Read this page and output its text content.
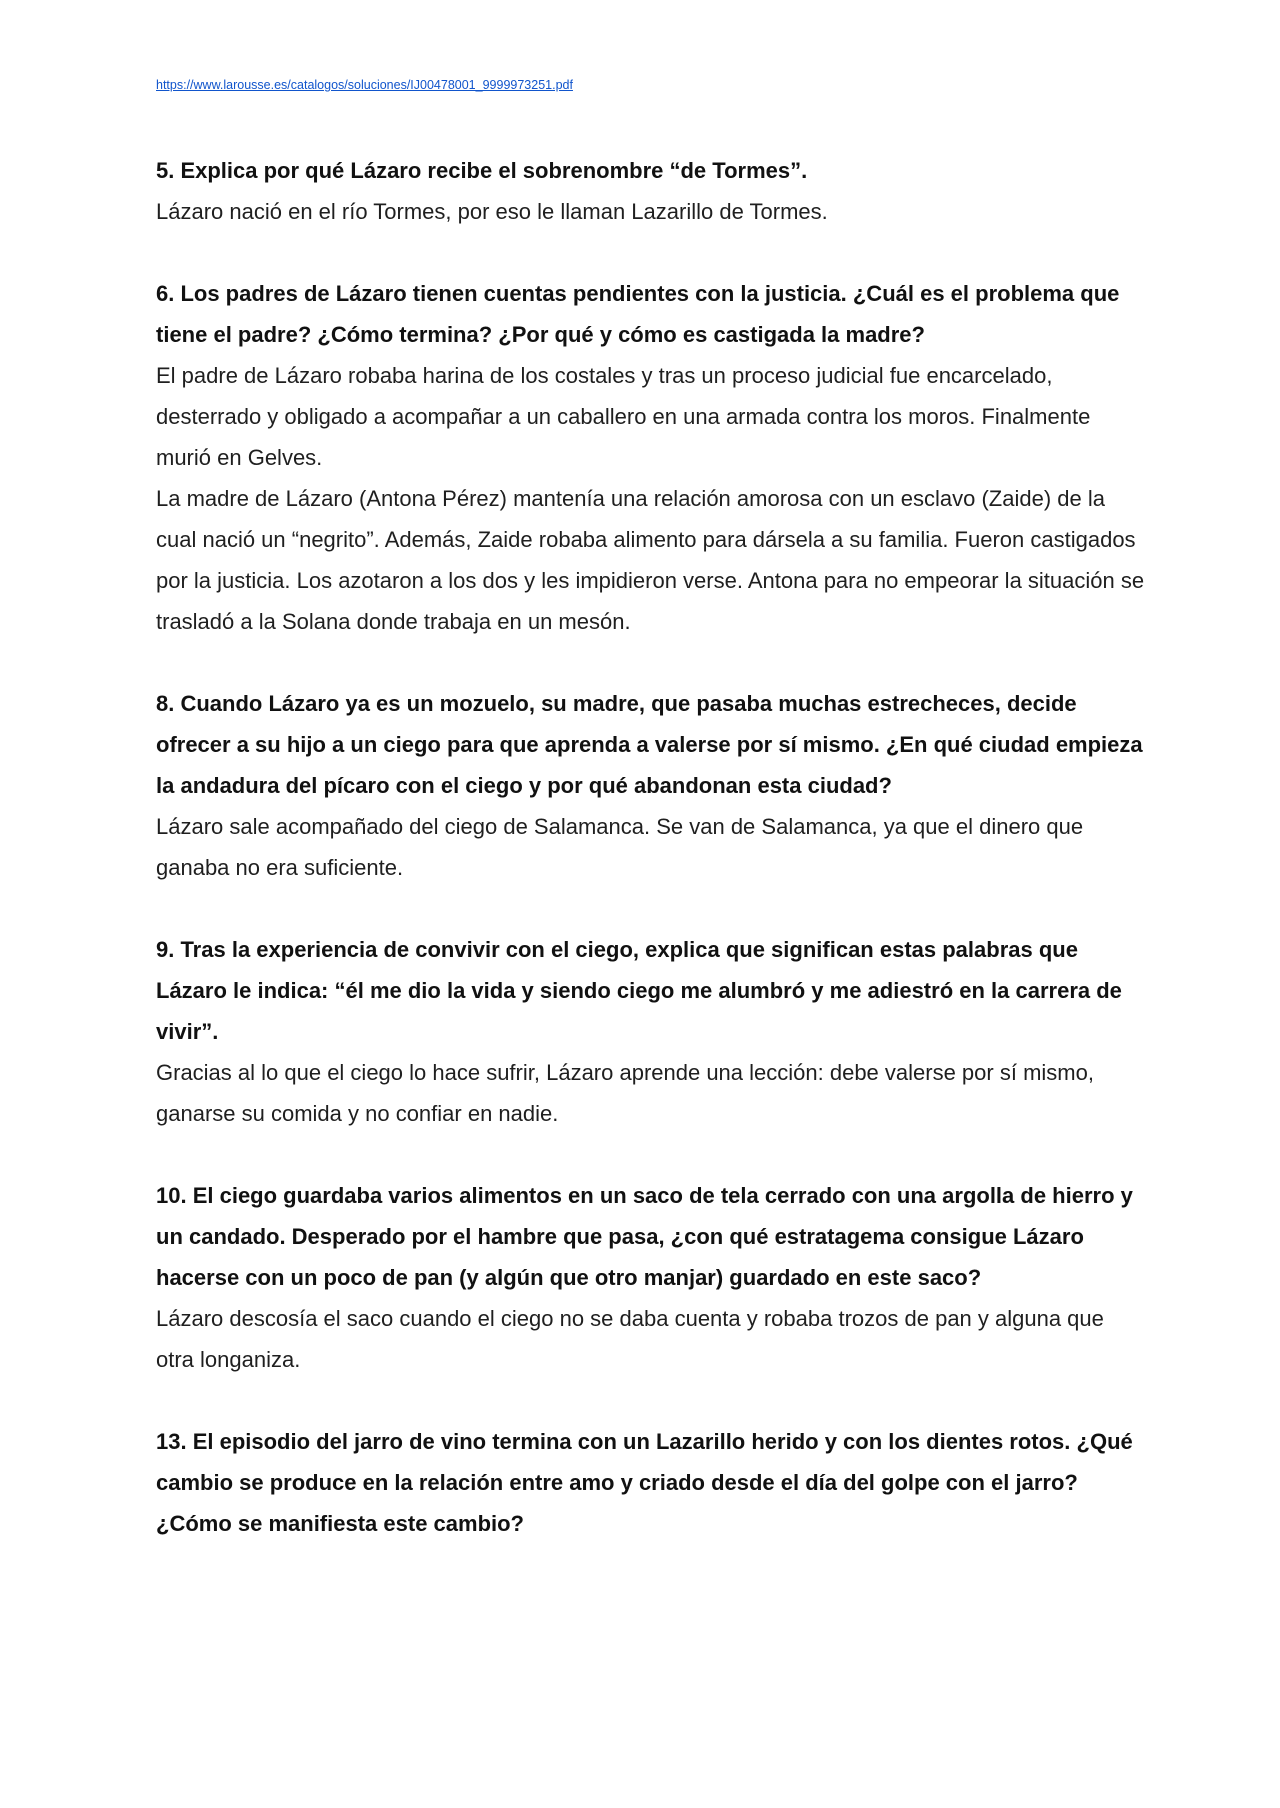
https://www.larousse.es/catalogos/soluciones/IJ00478001_9999973251.pdf

5. Explica por qué Lázaro recibe el sobrenombre “de Tormes”.

Lázaro nació en el río Tormes, por eso le llaman Lazarillo de Tormes.

6. Los padres de Lázaro tienen cuentas pendientes con la justicia. ¿Cuál es el problema que tiene el padre? ¿Cómo termina? ¿Por qué y cómo es castigada la madre?

El padre de Lázaro robaba harina de los costales y tras un proceso judicial fue encarcelado, desterrado y obligado a acompañar a un caballero en una armada contra los moros. Finalmente murió en Gelves.

La madre de Lázaro (Antona Pérez) mantenía una relación amorosa con un esclavo (Zaide) de la cual nació un “negrito”. Además, Zaide robaba alimento para dársela a su familia. Fueron castigados por la justicia. Los azotaron a los dos y les impidieron verse. Antona para no empeorar la situación se trasladó a la Solana donde trabaja en un mesón.

8. Cuando Lázaro ya es un mozuelo, su madre, que pasaba muchas estrecheces, decide ofrecer a su hijo a un ciego para que aprenda a valerse por sí mismo. ¿En qué ciudad empieza la andadura del pícaro con el ciego y por qué abandonan esta ciudad?

Lázaro sale acompañado del ciego de Salamanca. Se van de Salamanca, ya que el dinero que ganaba no era suficiente.

9. Tras la experiencia de convivir con el ciego, explica que significan estas palabras que Lázaro le indica: “él me dio la vida y siendo ciego me alumbró y me adiestró en la carrera de vivir”.

Gracias al lo que el ciego lo hace sufrir, Lázaro aprende una lección: debe valerse por sí mismo, ganarse su comida y no confiar en nadie.

10. El ciego guardaba varios alimentos en un saco de tela cerrado con una argolla de hierro y un candado. Desperado por el hambre que pasa, ¿con qué estratagema consigue Lázaro hacerse con un poco de pan (y algún que otro manjar) guardado en este saco?

Lázaro descosía el saco cuando el ciego no se daba cuenta y robaba trozos de pan y alguna que otra longaniza.

13. El episodio del jarro de vino termina con un Lazarillo herido y con los dientes rotos. ¿Qué cambio se produce en la relación entre amo y criado desde el día del golpe con el jarro? ¿Cómo se manifiesta este cambio?
